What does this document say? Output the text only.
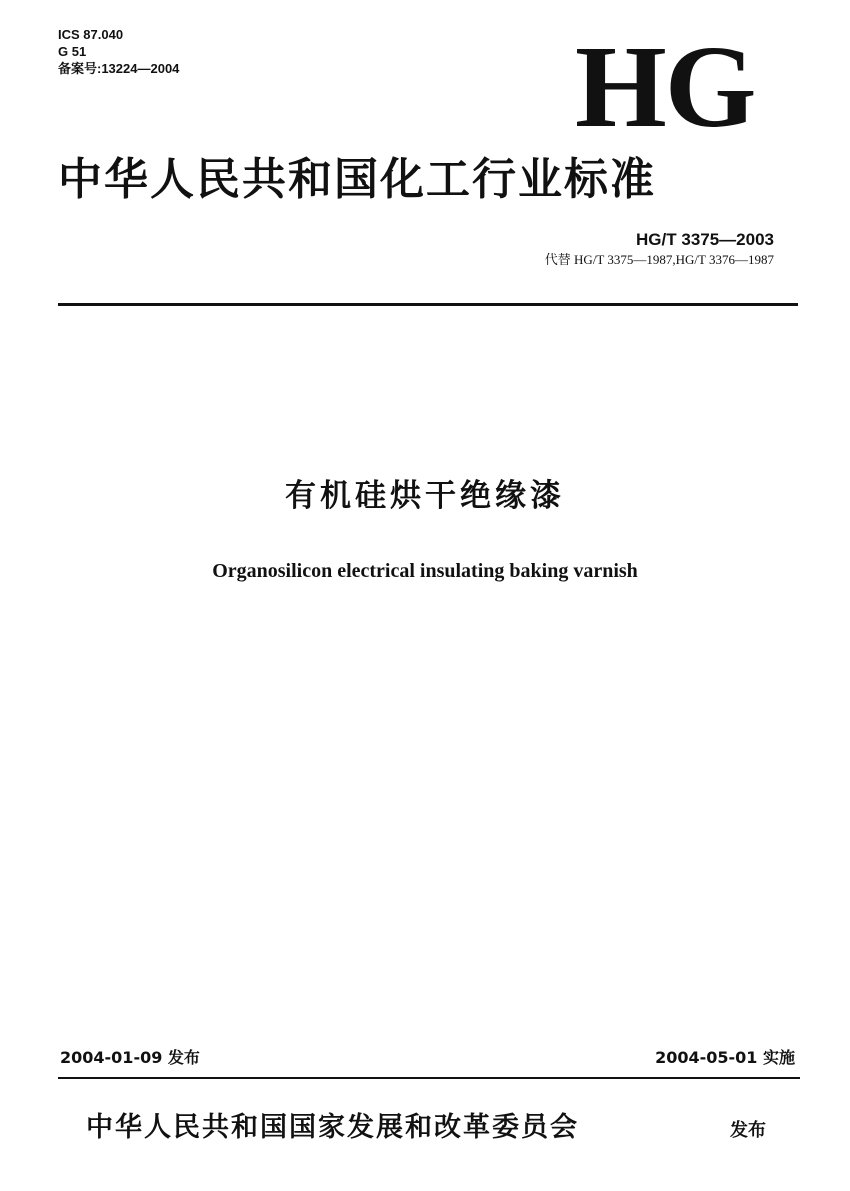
ICS 87.040
G 51
备案号:13224—2004	HG
中华人民共和国化工行业标准
HG/T 3375—2003
代替 HG/T 3375—1987,HG/T 3376—1987
有机硅烘干绝缘漆
Organosilicon electrical insulating baking varnish
2004-01-09 发布	2004-05-01 实施
中华人民共和国国家发展和改革委员会	发布
